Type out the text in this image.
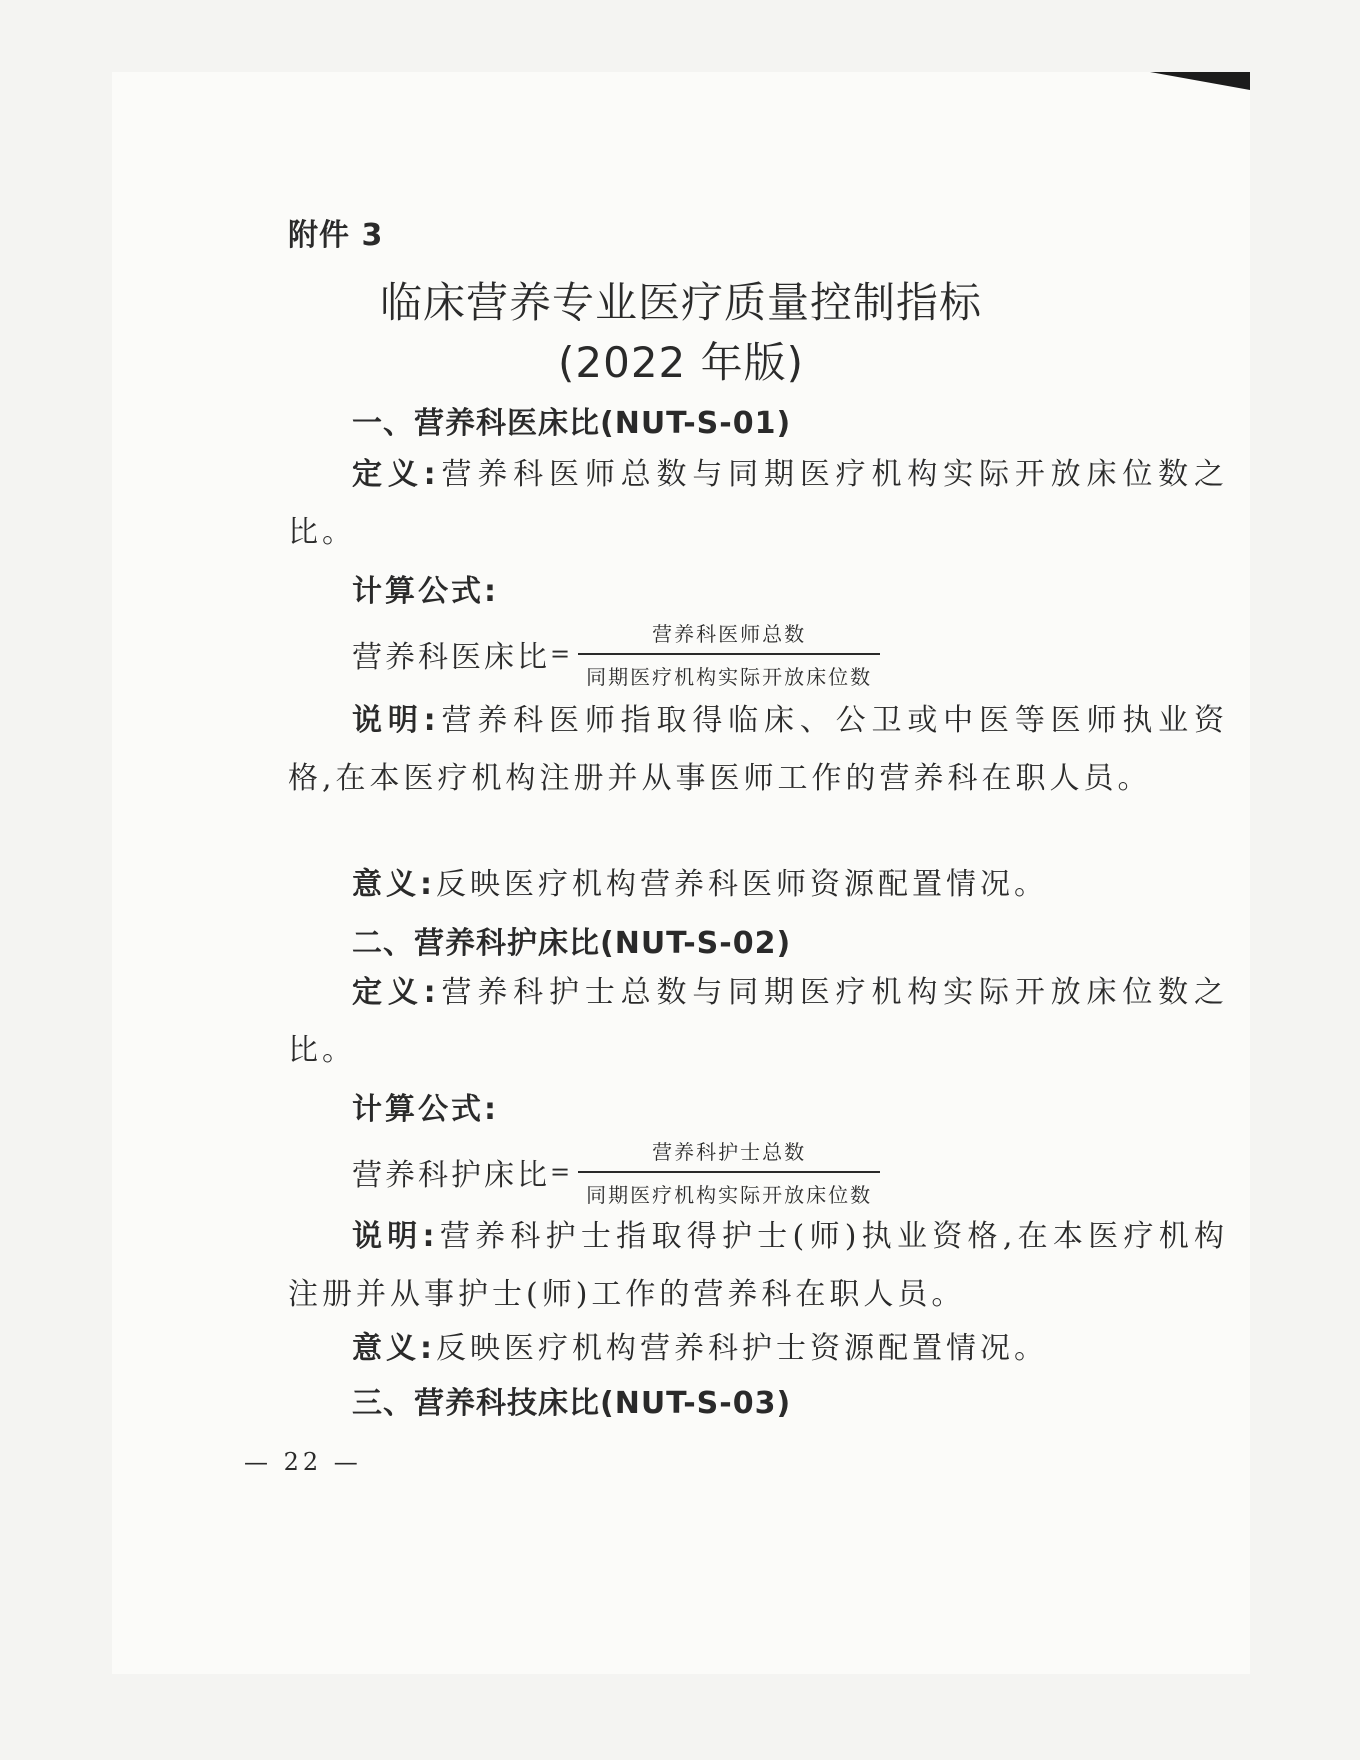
附件 3
临床营养专业医疗质量控制指标
(2022 年版)
一、营养科医床比(NUT-S-01)
定义:营养科医师总数与同期医疗机构实际开放床位数之比。
计算公式:
营养科医床比 = $\frac{\text{营养科医师总数}}{\text{同期医疗机构实际开放床位数}}$
说明:营养科医师指取得临床、公卫或中医等医师执业资格,在本医疗机构注册并从事医师工作的营养科在职人员。
意义:反映医疗机构营养科医师资源配置情况。
二、营养科护床比(NUT-S-02)
定义:营养科护士总数与同期医疗机构实际开放床位数之比。
计算公式:
营养科护床比 = $\frac{\text{营养科护士总数}}{\text{同期医疗机构实际开放床位数}}$
说明:营养科护士指取得护士(师)执业资格,在本医疗机构注册并从事护士(师)工作的营养科在职人员。
意义:反映医疗机构营养科护士资源配置情况。
三、营养科技床比(NUT-S-03)
— 22 —
